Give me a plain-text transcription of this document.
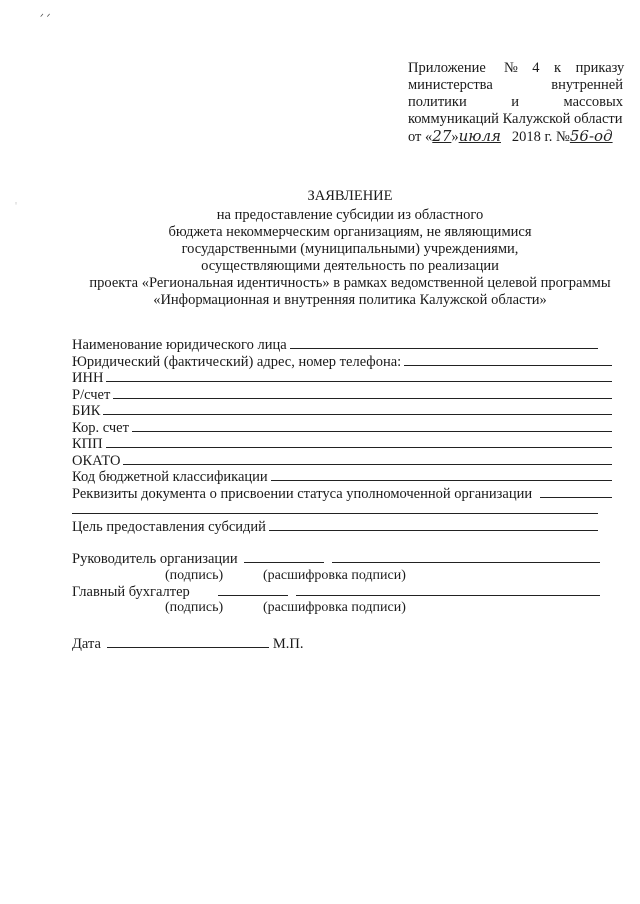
ᐟ ᐟ
◦
Приложение № 4 к приказу
министерства	внутренней
политики	и	массовых
коммуникаций Калужской области
от «27»июля 2018 г. №56-од
ЗАЯВЛЕНИЕ
на предоставление субсидии из областного
бюджета некоммерческим организациям, не являющимися
государственными (муниципальными) учреждениями,
осуществляющими деятельность по реализации
проекта «Региональная идентичность» в рамках ведомственной целевой программы
«Информационная и внутренняя политика Калужской области»
Наименование юридического лица
Юридический (фактический) адрес, номер телефона:
ИНН
Р/счет
БИК
Кор. счет
КПП
ОКАТО
Код бюджетной классификации
Реквизиты документа о присвоении статуса уполномоченной организации
Цель предоставления субсидий
Руководитель организации
(подпись)	(расшифровка подписи)
Главный бухгалтер
(подпись)	(расшифровка подписи)
Дата	М.П.
